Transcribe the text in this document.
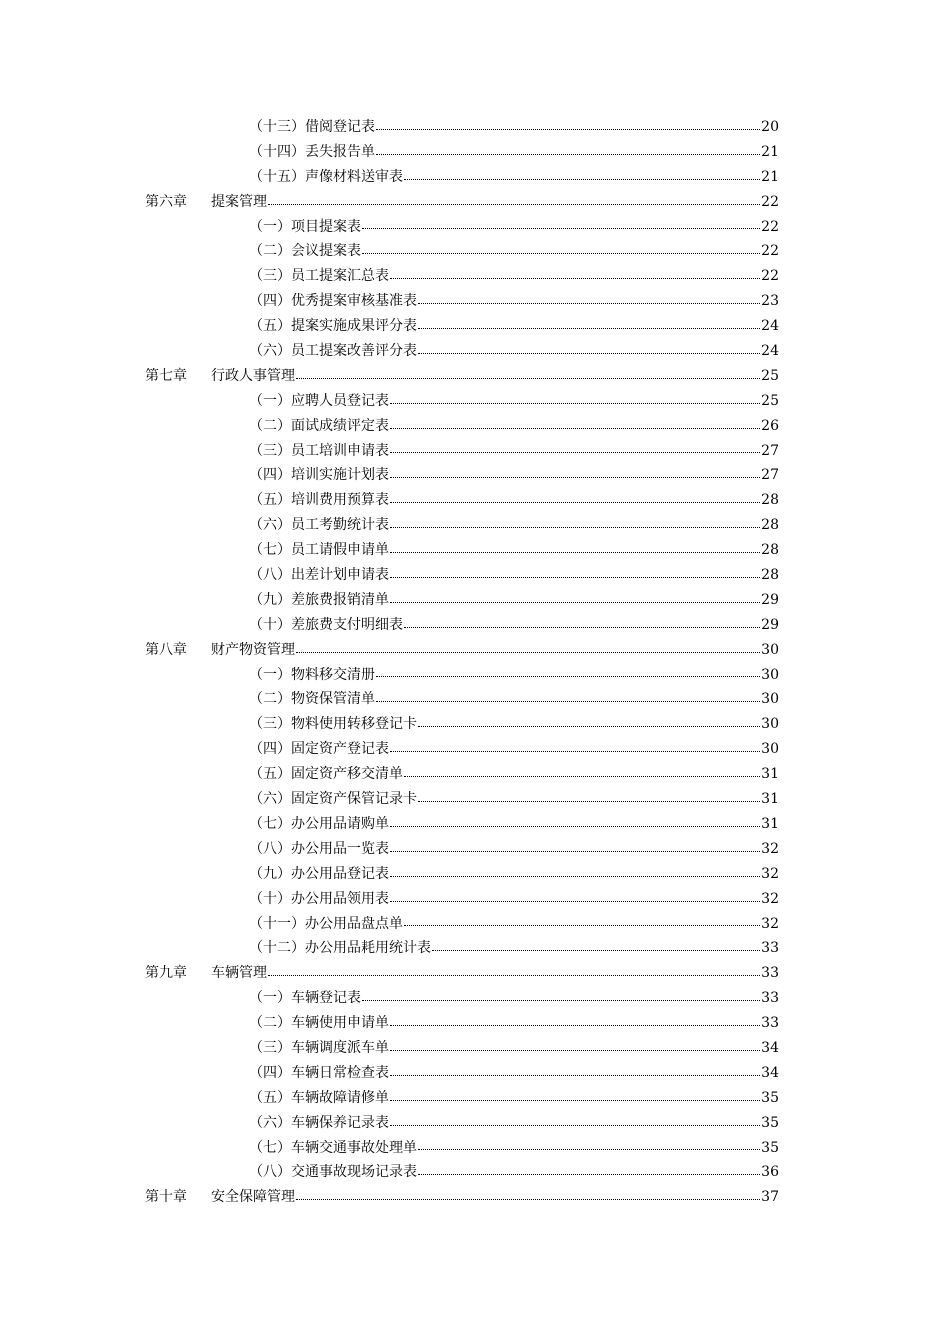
（十三）借阅登记表	20
（十四）丢失报告单	21
（十五）声像材料送审表	21
第六章	提案管理	22
（一）项目提案表	22
（二）会议提案表	22
（三）员工提案汇总表	22
（四）优秀提案审核基准表	23
（五）提案实施成果评分表	24
（六）员工提案改善评分表	24
第七章	行政人事管理	25
（一）应聘人员登记表	25
（二）面试成绩评定表	26
（三）员工培训申请表	27
（四）培训实施计划表	27
（五）培训费用预算表	28
（六）员工考勤统计表	28
（七）员工请假申请单	28
（八）出差计划申请表	28
（九）差旅费报销清单	29
（十）差旅费支付明细表	29
第八章	财产物资管理	30
（一）物料移交清册	30
（二）物资保管清单	30
（三）物料使用转移登记卡	30
（四）固定资产登记表	30
（五）固定资产移交清单	31
（六）固定资产保管记录卡	31
（七）办公用品请购单	31
（八）办公用品一览表	32
（九）办公用品登记表	32
（十）办公用品领用表	32
（十一）办公用品盘点单	32
（十二）办公用品耗用统计表	33
第九章	车辆管理	33
（一）车辆登记表	33
（二）车辆使用申请单	33
（三）车辆调度派车单	34
（四）车辆日常检查表	34
（五）车辆故障请修单	35
（六）车辆保养记录表	35
（七）车辆交通事故处理单	35
（八）交通事故现场记录表	36
第十章	安全保障管理	37
